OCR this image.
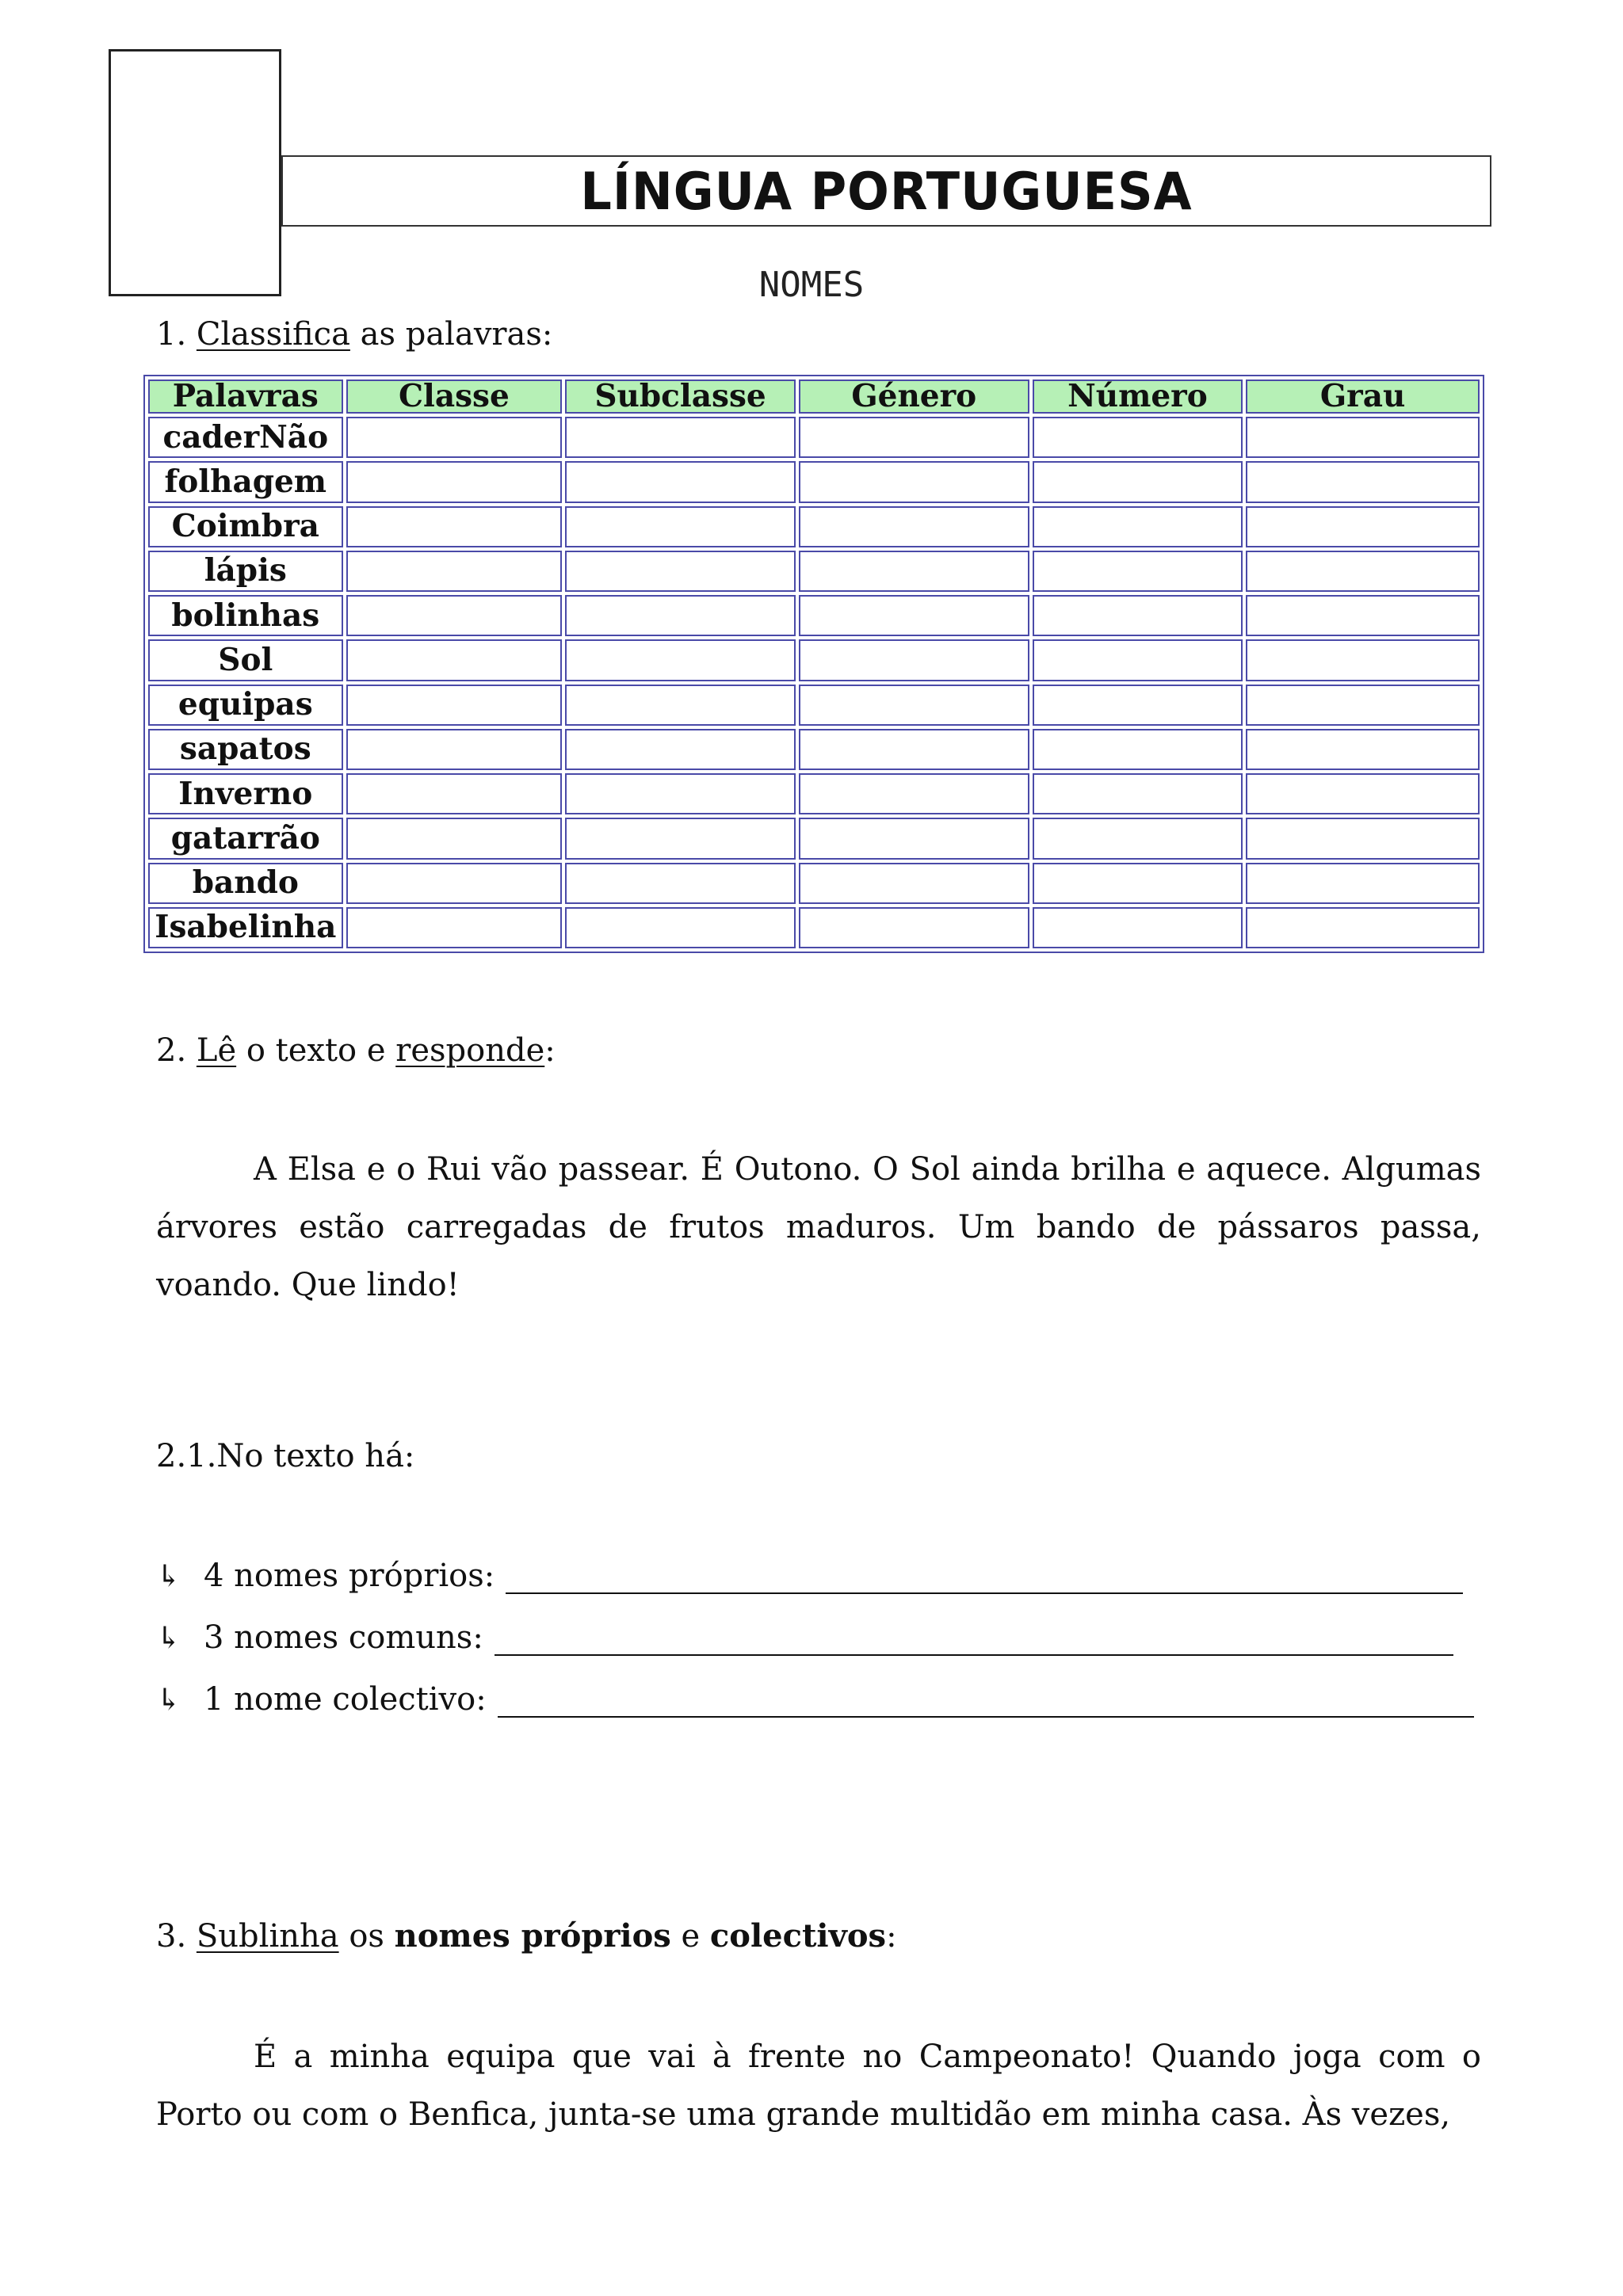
LÍNGUA PORTUGUESA
NOMES
1. Classifica as palavras:
Palavras	Classe	Subclasse	Género	Número	Grau
caderNão					
folhagem					
Coimbra					
lápis					
bolinhas					
Sol					
equipas					
sapatos					
Inverno					
gatarrão					
bando					
Isabelinha					
2. Lê o texto e responde:
A Elsa e o Rui vão passear. É Outono. O Sol ainda brilha e aquece. Algumas árvores estão carregadas de frutos maduros. Um bando de pássaros passa, voando. Que lindo!
2.1.No texto há:
↳ 4 nomes próprios:
↳ 3 nomes comuns:
↳ 1 nome colectivo:
3. Sublinha os nomes próprios e colectivos:
É a minha equipa que vai à frente no Campeonato! Quando joga com o Porto ou com o Benfica, junta-se uma grande multidão em minha casa. Às vezes,
